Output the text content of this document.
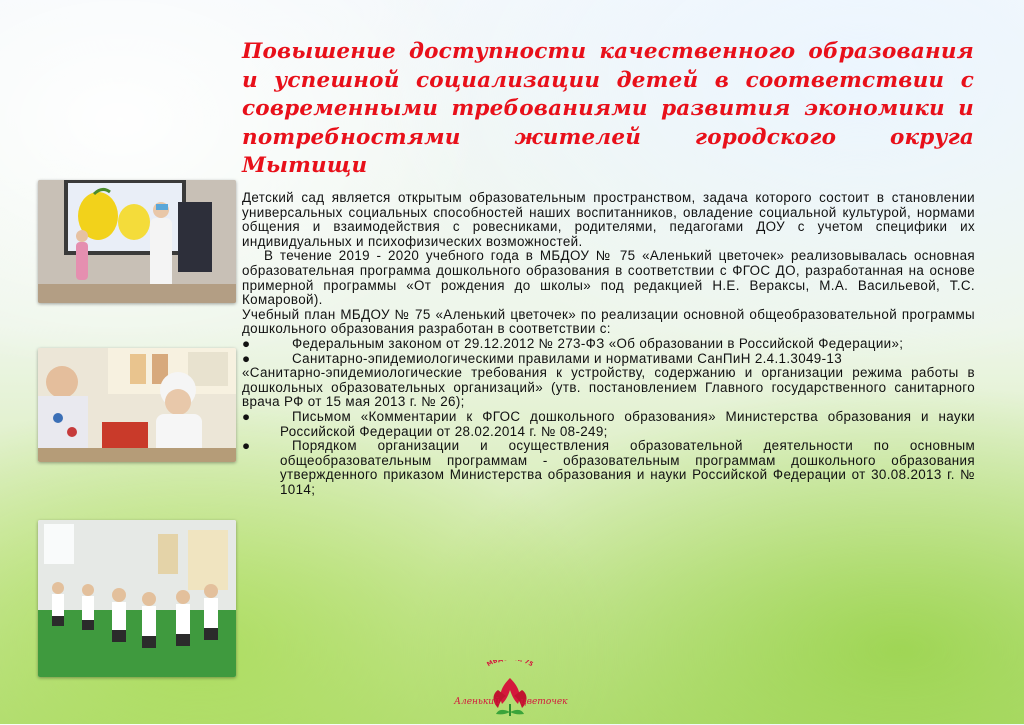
Повышение доступности качественного образования и успешной социализации детей в соответствии с современными требованиями развития экономики и потребностями жителей городского округа Мытищи

Детский сад является открытым образовательным пространством, задача которого состоит в становлении универсальных социальных способностей наших воспитанников, овладение социальной культурой, нормами общения и взаимодействия с ровесниками, родителями, педагогами ДОУ с учетом специфики их индивидуальных и психофизических возможностей.

В течение 2019 - 2020 учебного года в МБДОУ № 75 «Аленький цветочек» реализовывалась основная образовательная программа дошкольного образования в соответствии с ФГОС ДО, разработанная на основе примерной программы «От рождения до школы» под редакцией Н.Е. Вераксы, М.А. Васильевой, Т.С. Комаровой).

Учебный план МБДОУ № 75 «Аленький цветочек» по реализации основной общеобразовательной программы дошкольного образования разработан в соответствии с:

●	Федеральным законом от 29.12.2012 № 273-ФЗ «Об образовании в Российской Федерации»;

●	Санитарно-эпидемиологическими правилами и нормативами СанПиН 2.4.1.3049-13

«Санитарно-эпидемиологические требования к устройству, содержанию и организации режима работы в дошкольных образовательных организаций» (утв. постановлением Главного государственного санитарного врача РФ от 15 мая 2013 г. № 26);

●	Письмом «Комментарии к ФГОС дошкольного образования» Министерства образования и науки Российской Федерации от 28.02.2014 г. № 08-249;

●	Порядком организации и осуществления образовательной деятельности по основным общеобразовательным программам - образовательным программам дошкольного образования утвержденного приказом Министерства образования и науки Российской Федерации от 30.08.2013 г. № 1014;

МБ 75
Аленький цветочек
